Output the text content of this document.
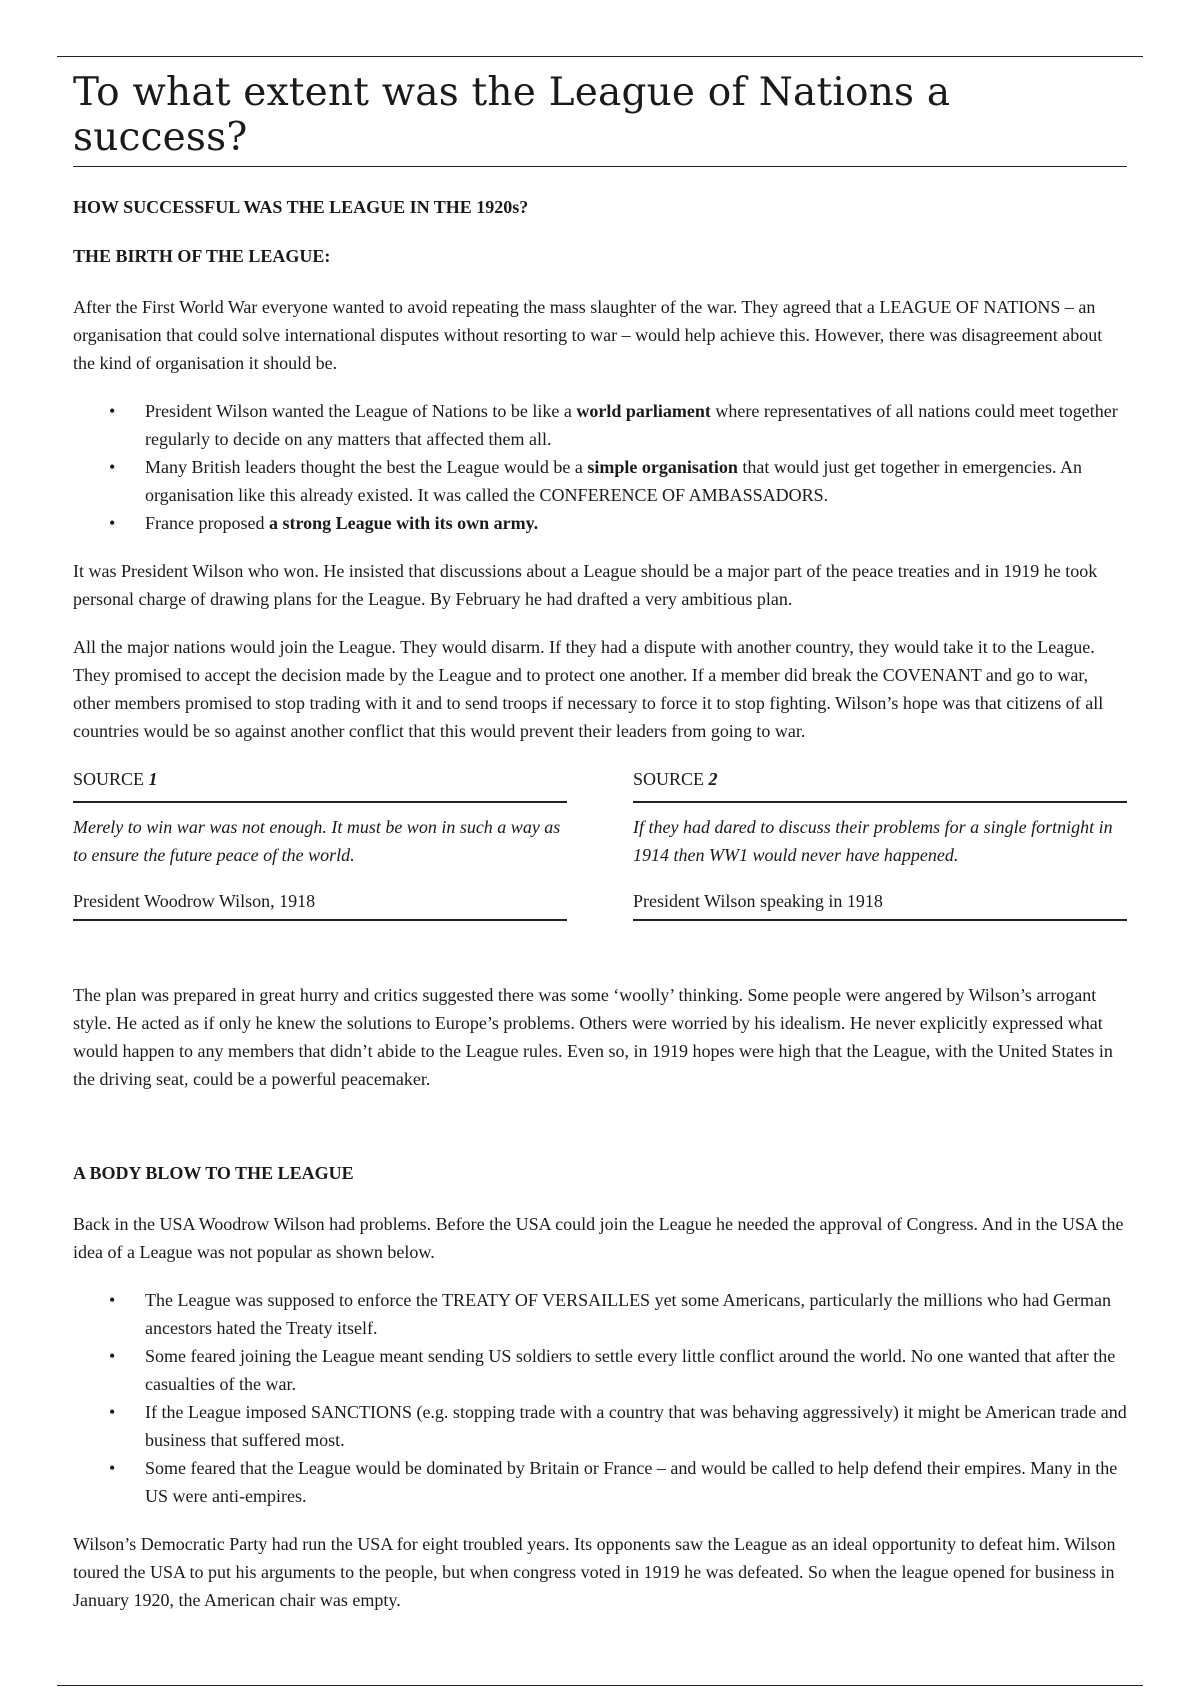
To what extent was the League of Nations a success?
HOW SUCCESSFUL WAS THE LEAGUE IN THE 1920s?
THE BIRTH OF THE LEAGUE:

After the First World War everyone wanted to avoid repeating the mass slaughter of the war. They agreed that a LEAGUE OF NATIONS – an organisation that could solve international disputes without resorting to war – would help achieve this. However, there was disagreement about the kind of organisation it should be.

• President Wilson wanted the League of Nations to be like a world parliament where representatives of all nations could meet together regularly to decide on any matters that affected them all.
• Many British leaders thought the best the League would be a simple organisation that would just get together in emergencies. An organisation like this already existed. It was called the CONFERENCE OF AMBASSADORS.
• France proposed a strong League with its own army.

It was President Wilson who won. He insisted that discussions about a League should be a major part of the peace treaties and in 1919 he took personal charge of drawing plans for the League. By February he had drafted a very ambitious plan.

All the major nations would join the League. They would disarm. If they had a dispute with another country, they would take it to the League. They promised to accept the decision made by the League and to protect one another. If a member did break the COVENANT and go to war, other members promised to stop trading with it and to send troops if necessary to force it to stop fighting. Wilson’s hope was that citizens of all countries would be so against another conflict that this would prevent their leaders from going to war.

SOURCE 1
Merely to win war was not enough. It must be won in such a way as to ensure the future peace of the world.
President Woodrow Wilson, 1918
SOURCE 2
If they had dared to discuss their problems for a single fortnight in 1914 then WW1 would never have happened.
President Wilson speaking in 1918

The plan was prepared in great hurry and critics suggested there was some ‘woolly’ thinking. Some people were angered by Wilson’s arrogant style. He acted as if only he knew the solutions to Europe’s problems. Others were worried by his idealism. He never explicitly expressed what would happen to any members that didn’t abide to the League rules. Even so, in 1919 hopes were high that the League, with the United States in the driving seat, could be a powerful peacemaker.

A BODY BLOW TO THE LEAGUE

Back in the USA Woodrow Wilson had problems. Before the USA could join the League he needed the approval of Congress. And in the USA the idea of a League was not popular as shown below.

• The League was supposed to enforce the TREATY OF VERSAILLES yet some Americans, particularly the millions who had German ancestors hated the Treaty itself.
• Some feared joining the League meant sending US soldiers to settle every little conflict around the world. No one wanted that after the casualties of the war.
• If the League imposed SANCTIONS (e.g. stopping trade with a country that was behaving aggressively) it might be American trade and business that suffered most.
• Some feared that the League would be dominated by Britain or France – and would be called to help defend their empires. Many in the US were anti-empires.

Wilson’s Democratic Party had run the USA for eight troubled years. Its opponents saw the League as an ideal opportunity to defeat him. Wilson toured the USA to put his arguments to the people, but when congress voted in 1919 he was defeated. So when the league opened for business in January 1920, the American chair was empty.
